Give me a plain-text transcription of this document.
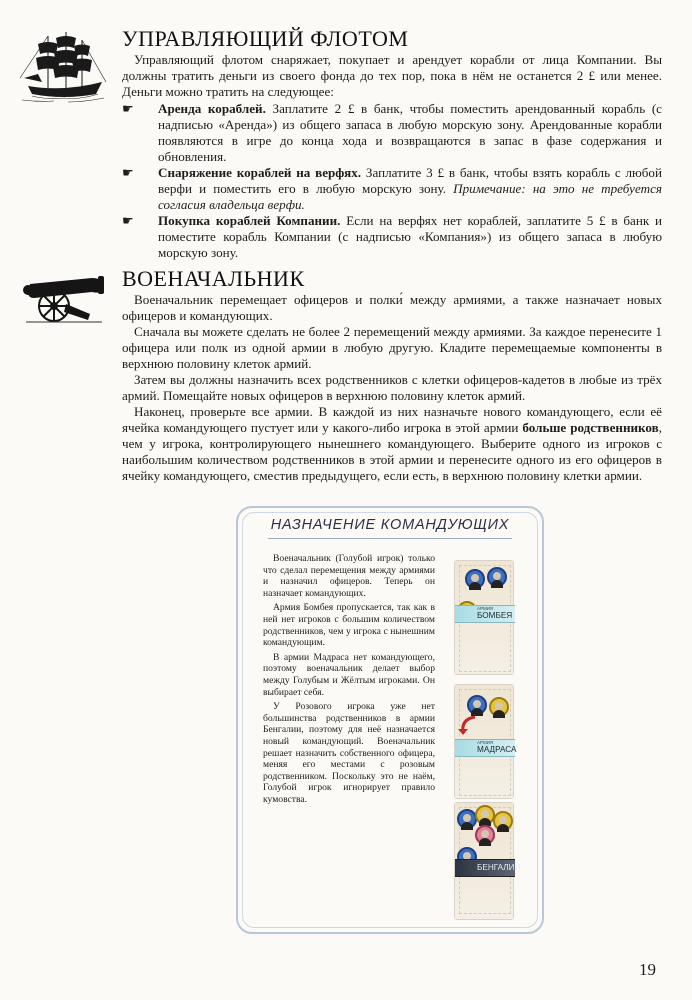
УПРАВЛЯЮЩИЙ ФЛОТОМ

Управляющий флотом снаряжает, покупает и арендует корабли от лица Компании. Вы должны тратить деньги из своего фонда до тех пор, пока в нём не останется 2 £ или менее. Деньги можно тратить на следующее:

☛ Аренда кораблей. Заплатите 2 £ в банк, чтобы поместить арендованный корабль (с надписью «Аренда») из общего запаса в любую морскую зону. Арендованные корабли появляются в игре до конца хода и возвращаются в запас в фазе содержания и обновления.
☛ Снаряжение кораблей на верфях. Заплатите 3 £ в банк, чтобы взять корабль с любой верфи и поместить его в любую морскую зону. Примечание: на это не требуется согласия владельца верфи.
☛ Покупка кораблей Компании. Если на верфях нет кораблей, заплатите 5 £ в банк и поместите корабль Компании (с надписью «Компания») из общего запаса в любую морскую зону.
ВОЕНАЧАЛЬНИК

Военачальник перемещает офицеров и полки́ между армиями, а также назначает новых офицеров и командующих.

Сначала вы можете сделать не более 2 перемещений между армиями. За каждое перенесите 1 офицера или полк из одной армии в любую другую. Кладите перемещаемые компоненты в верхнюю половину клеток армий.

Затем вы должны назначить всех родственников с клетки офицеров-кадетов в любые из трёх армий. Помещайте новых офицеров в верхнюю половину клеток армий.

Наконец, проверьте все армии. В каждой из них назначьте нового командующего, если её ячейка командующего пустует или у какого-либо игрока в этой армии больше родственников, чем у игрока, контролирующего нынешнего командующего. Выберите одного из игроков с наибольшим количеством родственников в этой армии и перенесите одного из его офицеров в ячейку командующего, сместив предыдущего, если есть, в верхнюю половину клетки армии.

НАЗНАЧЕНИЕ КОМАНДУЮЩИХ

Военачальник (Голубой игрок) только что сделал перемещения между армиями и назначил офицеров. Теперь он назначает командующих.

Армия Бомбея пропускается, так как в ней нет игроков с большим количеством родственников, чем у игрока с нынешним командующим.

В армии Мадраса нет командующего, поэтому военачальник делает выбор между Голубым и Жёлтым игроками. Он выбирает себя.

У Розового игрока уже нет большинства родственников в армии Бенгалии, поэтому для неё назначается новый командующий. Военачальник решает назначить собственного офицера, меняя его местами с розовым родственником. Поскольку это не наём, Голубой игрок игнорирует правило кумовства.

АРМИЯ
БОМБЕЯ
АРМИЯ
МАДРАСА
БЕНГАЛИИ
19
